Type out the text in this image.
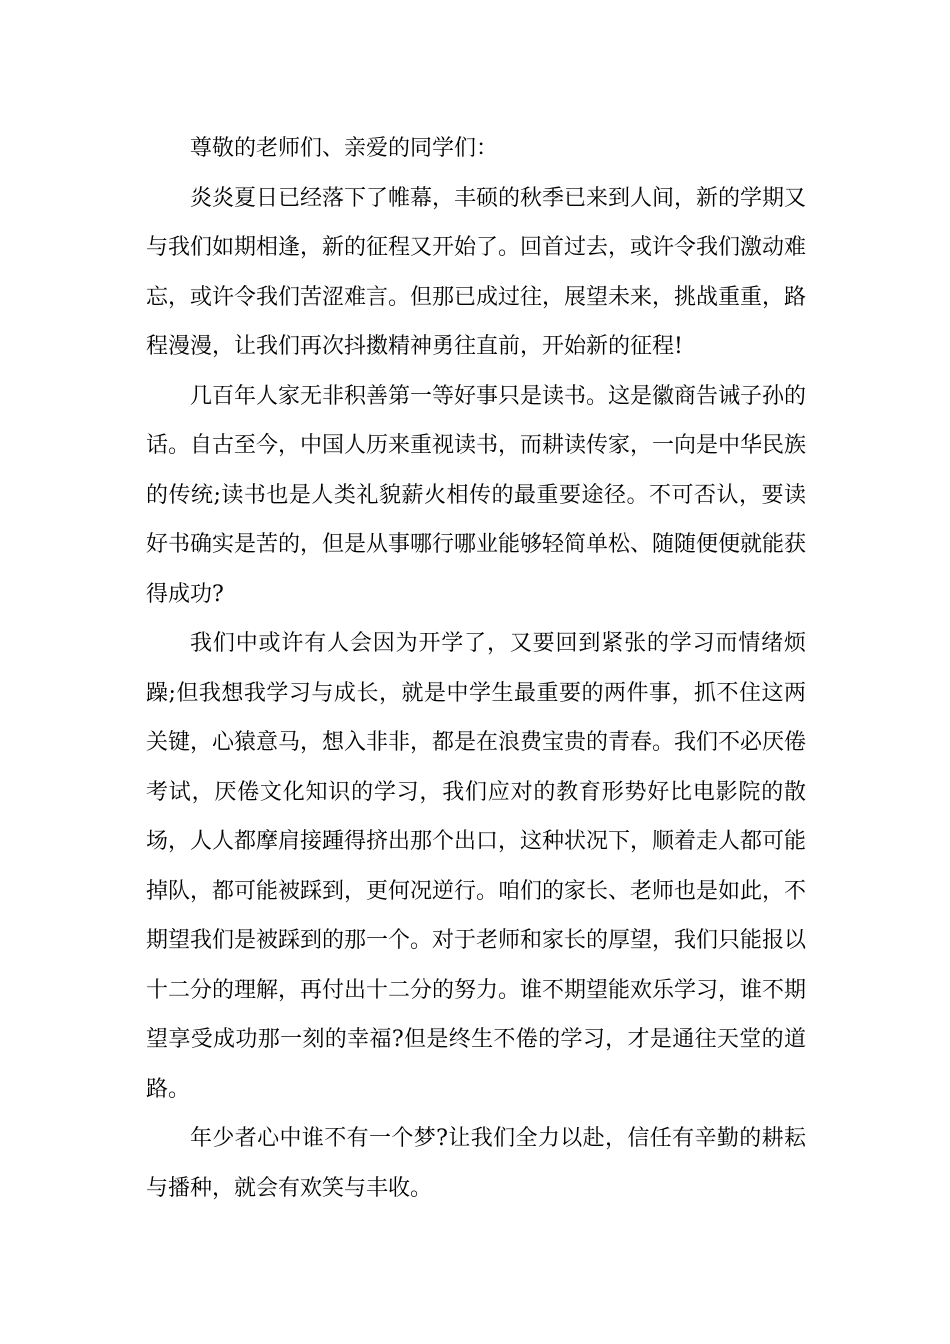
尊敬的老师们、亲爱的同学们：

炎炎夏日已经落下了帷幕，丰硕的秋季已来到人间，新的学期又与我们如期相逢，新的征程又开始了。回首过去，或许令我们激动难忘，或许令我们苦涩难言。但那已成过往，展望未来，挑战重重，路程漫漫，让我们再次抖擞精神勇往直前，开始新的征程!

几百年人家无非积善第一等好事只是读书。这是徽商告诫子孙的话。自古至今，中国人历来重视读书，而耕读传家，一向是中华民族的传统;读书也是人类礼貌薪火相传的最重要途径。不可否认，要读好书确实是苦的，但是从事哪行哪业能够轻简单松、随随便便就能获得成功?

我们中或许有人会因为开学了，又要回到紧张的学习而情绪烦躁;但我想我学习与成长，就是中学生最重要的两件事，抓不住这两关键，心猿意马，想入非非，都是在浪费宝贵的青春。我们不必厌倦考试，厌倦文化知识的学习，我们应对的教育形势好比电影院的散场，人人都摩肩接踵得挤出那个出口，这种状况下，顺着走人都可能掉队，都可能被踩到，更何况逆行。咱们的家长、老师也是如此，不期望我们是被踩到的那一个。对于老师和家长的厚望，我们只能报以十二分的理解，再付出十二分的努力。谁不期望能欢乐学习，谁不期望享受成功那一刻的幸福?但是终生不倦的学习，才是通往天堂的道路。

年少者心中谁不有一个梦?让我们全力以赴，信任有辛勤的耕耘与播种，就会有欢笑与丰收。
